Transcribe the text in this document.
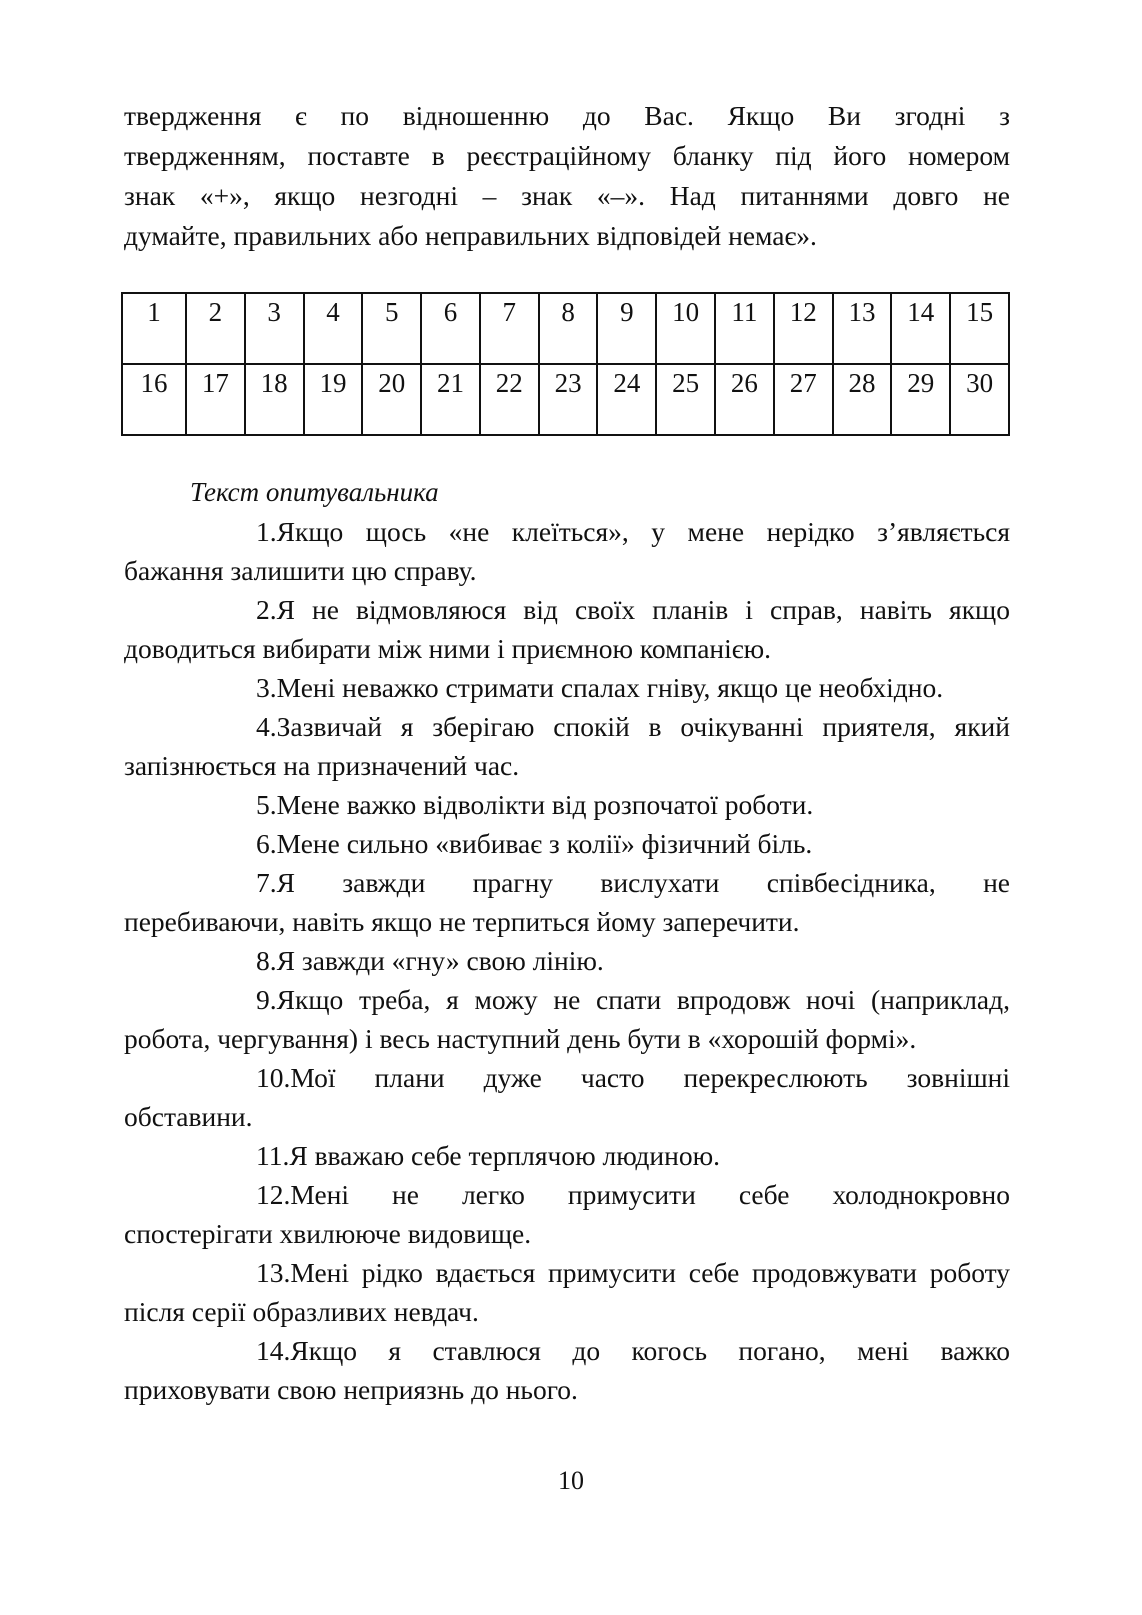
твердження є по відношенню до Вас. Якщо Ви згодні з

твердженням, поставте в реєстраційному бланку під його номером

знак «+», якщо незгодні – знак «–». Над питаннями довго не

думайте, правильних або неправильних відповідей немає».

1	2	3	4	5	6	7	8	9	10	11	12	13	14	15
16	17	18	19	20	21	22	23	24	25	26	27	28	29	30
Текст опитувальника

1.Якщо щось «не клеїться», у мене нерідко з’являється
бажання залишити цю справу.

2.Я не відмовляюся від своїх планів і справ, навіть якщо
доводиться вибирати між ними і приємною компанією.

3.Мені неважко стримати спалах гніву, якщо це необхідно.

4.Зазвичай я зберігаю спокій в очікуванні приятеля, який
запізнюється на призначений час.

5.Мене важко відволікти від розпочатої роботи.

6.Мене сильно «вибиває з колії» фізичний біль.

7.Я завжди прагну вислухати співбесідника, не
перебиваючи, навіть якщо не терпиться йому заперечити.

8.Я завжди «гну» свою лінію.

9.Якщо треба, я можу не спати впродовж ночі (наприклад,
робота, чергування) і весь наступний день бути в «хорошій формі».

10.Мої плани дуже часто перекреслюють зовнішні
обставини.

11.Я вважаю себе терплячою людиною.

12.Мені не легко примусити себе холоднокровно
спостерігати хвилююче видовище.

13.Мені рідко вдається примусити себе продовжувати роботу
після серії образливих невдач.

14.Якщо я ставлюся до когось погано, мені важко
приховувати свою неприязнь до нього.

10
